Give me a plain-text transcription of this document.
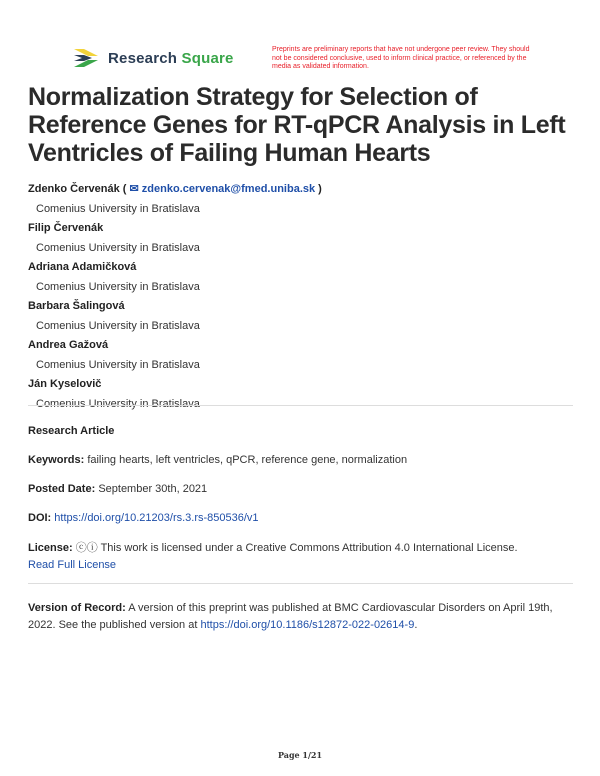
Research Square	Preprints are preliminary reports that have not undergone peer review. They should not be considered conclusive, used to inform clinical practice, or referenced by the media as validated information.
Normalization Strategy for Selection of Reference Genes for RT-qPCR Analysis in Left Ventricles of Failing Human Hearts
Zdenko Červenák ( ✉ zdenko.cervenak@fmed.uniba.sk )
Comenius University in Bratislava
Filip Červenák
Comenius University in Bratislava
Adriana Adamičková
Comenius University in Bratislava
Barbara Šalingová
Comenius University in Bratislava
Andrea Gažová
Comenius University in Bratislava
Ján Kyselovič
Comenius University in Bratislava
Research Article
Keywords: failing hearts, left ventricles, qPCR, reference gene, normalization
Posted Date: September 30th, 2021
DOI: https://doi.org/10.21203/rs.3.rs-850536/v1
License: ⓒⓘ This work is licensed under a Creative Commons Attribution 4.0 International License.
Read Full License
Version of Record: A version of this preprint was published at BMC Cardiovascular Disorders on April 19th, 2022. See the published version at https://doi.org/10.1186/s12872-022-02614-9.
Page 1/21
